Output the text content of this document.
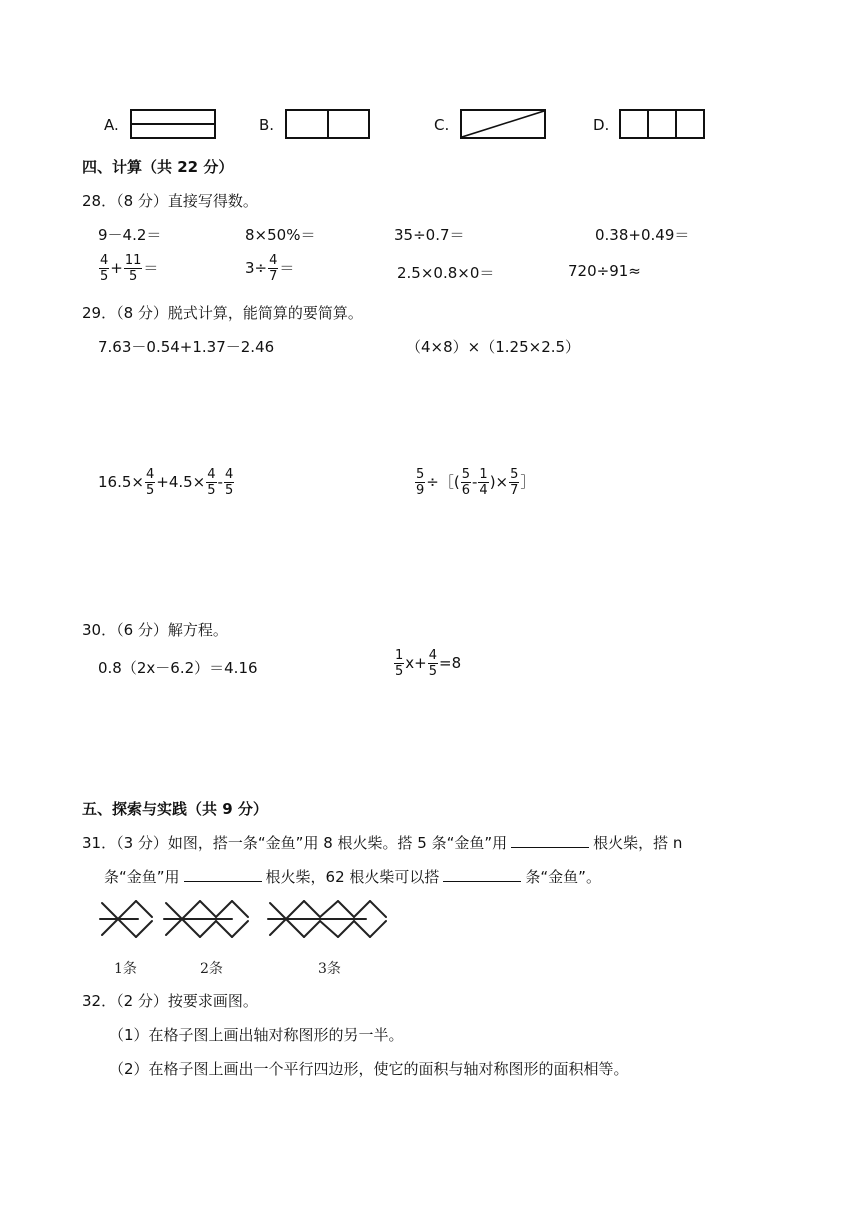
A.	B.	C.	D.
四、计算（共 22 分）
28．（8 分）直接写得数。
9－4.2＝	8×50%＝	35÷0.7＝	0.38+0.49＝
$\frac{4}{5} + \frac{11}{5}$ ＝	$3\div \frac{4}{7}$ ＝	2.5×0.8×0＝	720÷91≈
29．（8 分）脱式计算，能简算的要简算。
7.63－0.54+1.37－2.46	（4×8）×（1.25×2.5）
$16.5\times \frac{4}{5} +4.5\times \frac{4}{5} - \frac{4}{5}$	$\frac{5}{9}$ ÷［( $\frac{5}{6} - \frac{1}{4}$ )× $\frac{5}{7}$ ］
30．（6 分）解方程。
0.8（2x－6.2）＝4.16	$\frac{1}{5} x+ \frac{4}{5} =8$
五、探索与实践（共 9 分）
31．（3 分）如图，搭一条“金鱼”用 8 根火柴。搭 5 条“金鱼”用	根火柴，搭 n
条“金鱼”用	根火柴，62 根火柴可以搭	条“金鱼”。
1条	2条	3条
32．（2 分）按要求画图。
（1）在格子图上画出轴对称图形的另一半。
（2）在格子图上画出一个平行四边形，使它的面积与轴对称图形的面积相等。
